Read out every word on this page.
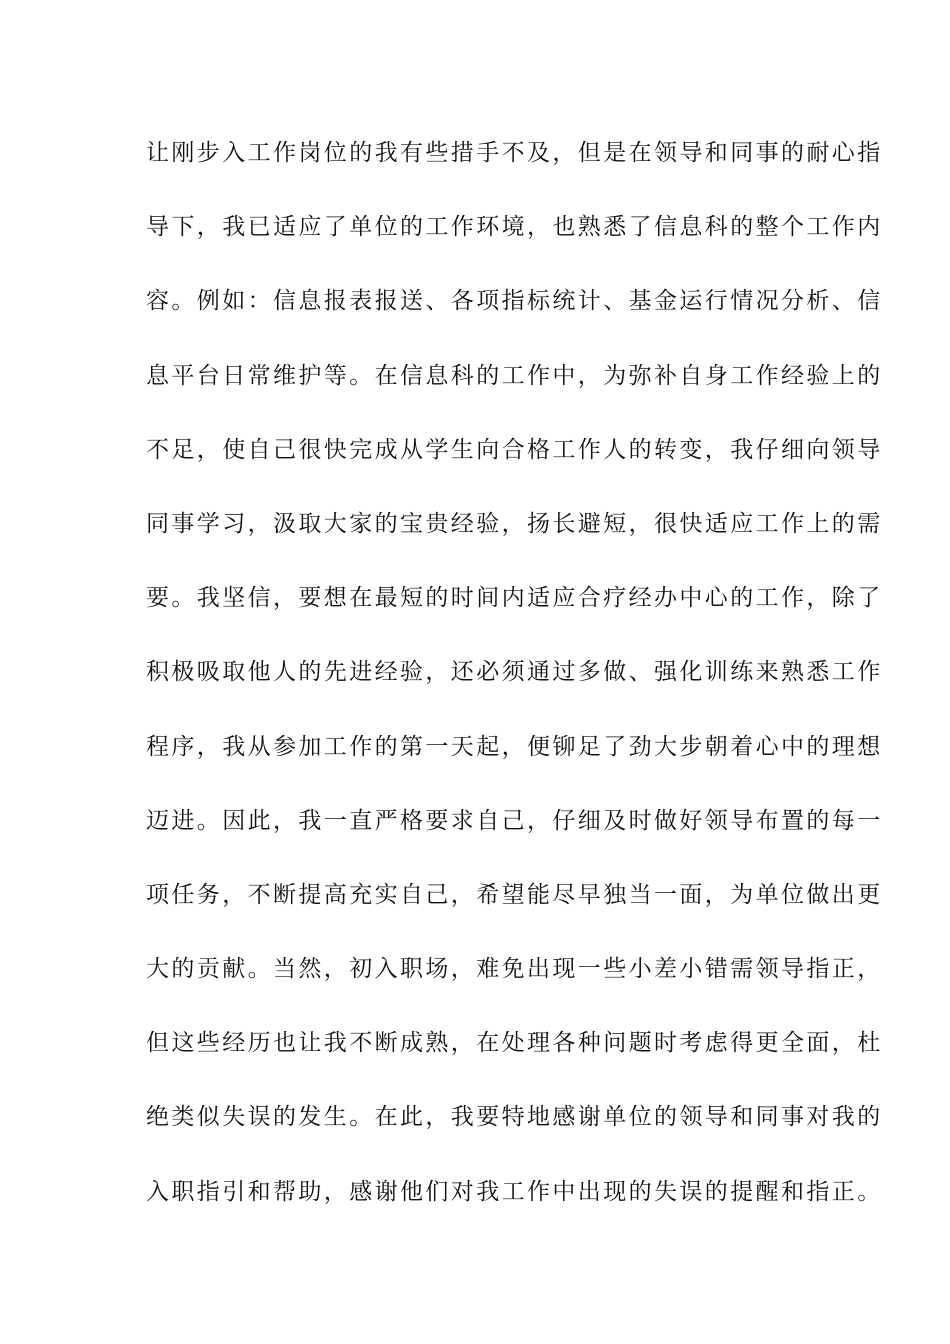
让刚步入工作岗位的我有些措手不及，但是在领导和同事的耐心指
导下，我已适应了单位的工作环境，也熟悉了信息科的整个工作内
容。例如：信息报表报送、各项指标统计、基金运行情况分析、信
息平台日常维护等。在信息科的工作中，为弥补自身工作经验上的
不足，使自己很快完成从学生向合格工作人的转变，我仔细向领导
同事学习，汲取大家的宝贵经验，扬长避短，很快适应工作上的需
要。我坚信，要想在最短的时间内适应合疗经办中心的工作，除了
积极吸取他人的先进经验，还必须通过多做、强化训练来熟悉工作
程序，我从参加工作的第一天起，便铆足了劲大步朝着心中的理想
迈进。因此，我一直严格要求自己，仔细及时做好领导布置的每一
项任务，不断提高充实自己，希望能尽早独当一面，为单位做出更
大的贡献。当然，初入职场，难免出现一些小差小错需领导指正，
但这些经历也让我不断成熟，在处理各种问题时考虑得更全面，杜
绝类似失误的发生。在此，我要特地感谢单位的领导和同事对我的
入职指引和帮助，感谢他们对我工作中出现的失误的提醒和指正。
